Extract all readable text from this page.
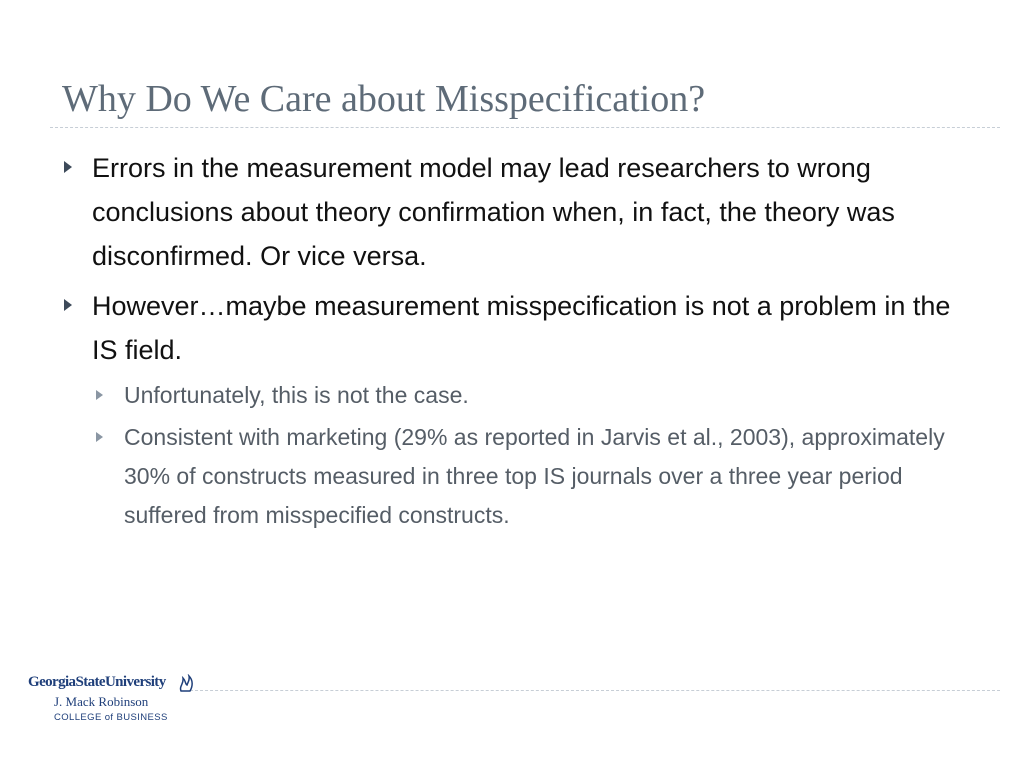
Why Do We Care about Misspecification?
Errors in the measurement model may lead researchers to wrong conclusions about theory confirmation when, in fact, the theory was disconfirmed. Or vice versa.
However…maybe measurement misspecification is not a problem in the IS field.
Unfortunately, this is not the case.
Consistent with marketing (29% as reported in Jarvis et al., 2003), approximately 30% of constructs measured in three top IS journals over a three year period suffered from misspecified constructs.
GeorgiaStateUniversity
J. Mack Robinson
COLLEGE of BUSINESS
